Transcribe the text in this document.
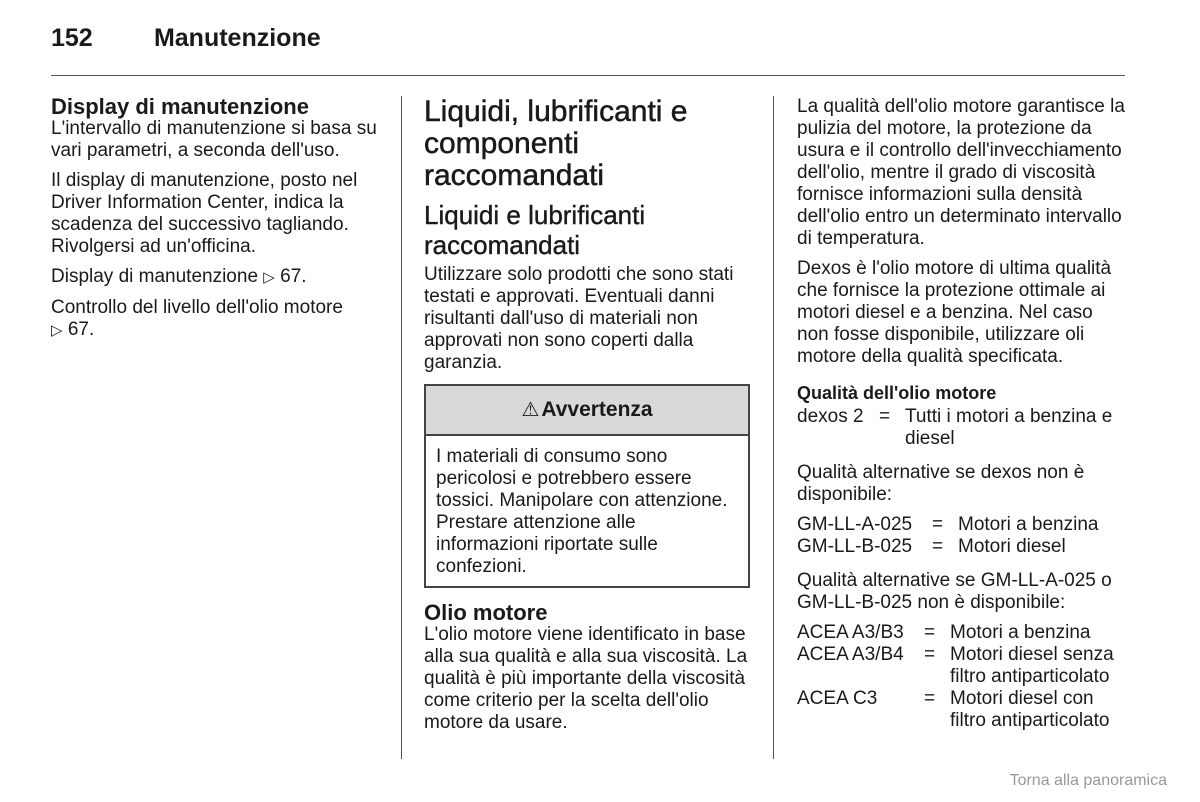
152 Manutenzione
Display di manutenzione

L'intervallo di manutenzione si basa su vari parametri, a seconda dell'uso.

Il display di manutenzione, posto nel Driver Information Center, indica la scadenza del successivo tagliando. Rivolgersi ad un'officina.

Display di manutenzione ▷ 67.

Controllo del livello dell'olio motore
▷ 67.

Liquidi, lubrificanti e componenti raccomandati
Liquidi e lubrificanti raccomandati

Utilizzare solo prodotti che sono stati testati e approvati. Eventuali danni risultanti dall'uso di materiali non approvati non sono coperti dalla garanzia.

⚠ Avvertenza
I materiali di consumo sono pericolosi e potrebbero essere tossici. Manipolare con attenzione. Prestare attenzione alle informazioni riportate sulle confezioni.
Olio motore

L'olio motore viene identificato in base alla sua qualità e alla sua viscosità. La qualità è più importante della viscosità come criterio per la scelta dell'olio motore da usare.

La qualità dell'olio motore garantisce la pulizia del motore, la protezione da usura e il controllo dell'invecchiamento dell'olio, mentre il grado di viscosità fornisce informazioni sulla densità dell'olio entro un determinato intervallo di temperatura.

Dexos è l'olio motore di ultima qualità che fornisce la protezione ottimale ai motori diesel e a benzina. Nel caso non fosse disponibile, utilizzare oli motore della qualità specificata.

Qualità dell'olio motore
dexos 2 = Tutti i motori a benzina e diesel

Qualità alternative se dexos non è disponibile:

GM-LL-A-025	= Motori a benzina
GM-LL-B-025	= Motori diesel

Qualità alternative se GM-LL-A-025 o GM-LL-B-025 non è disponibile:

ACEA A3/B3	= Motori a benzina
ACEA A3/B4	= Motori diesel senza filtro antiparticolato
ACEA C3	= Motori diesel con filtro antiparticolato
Torna alla panoramica
